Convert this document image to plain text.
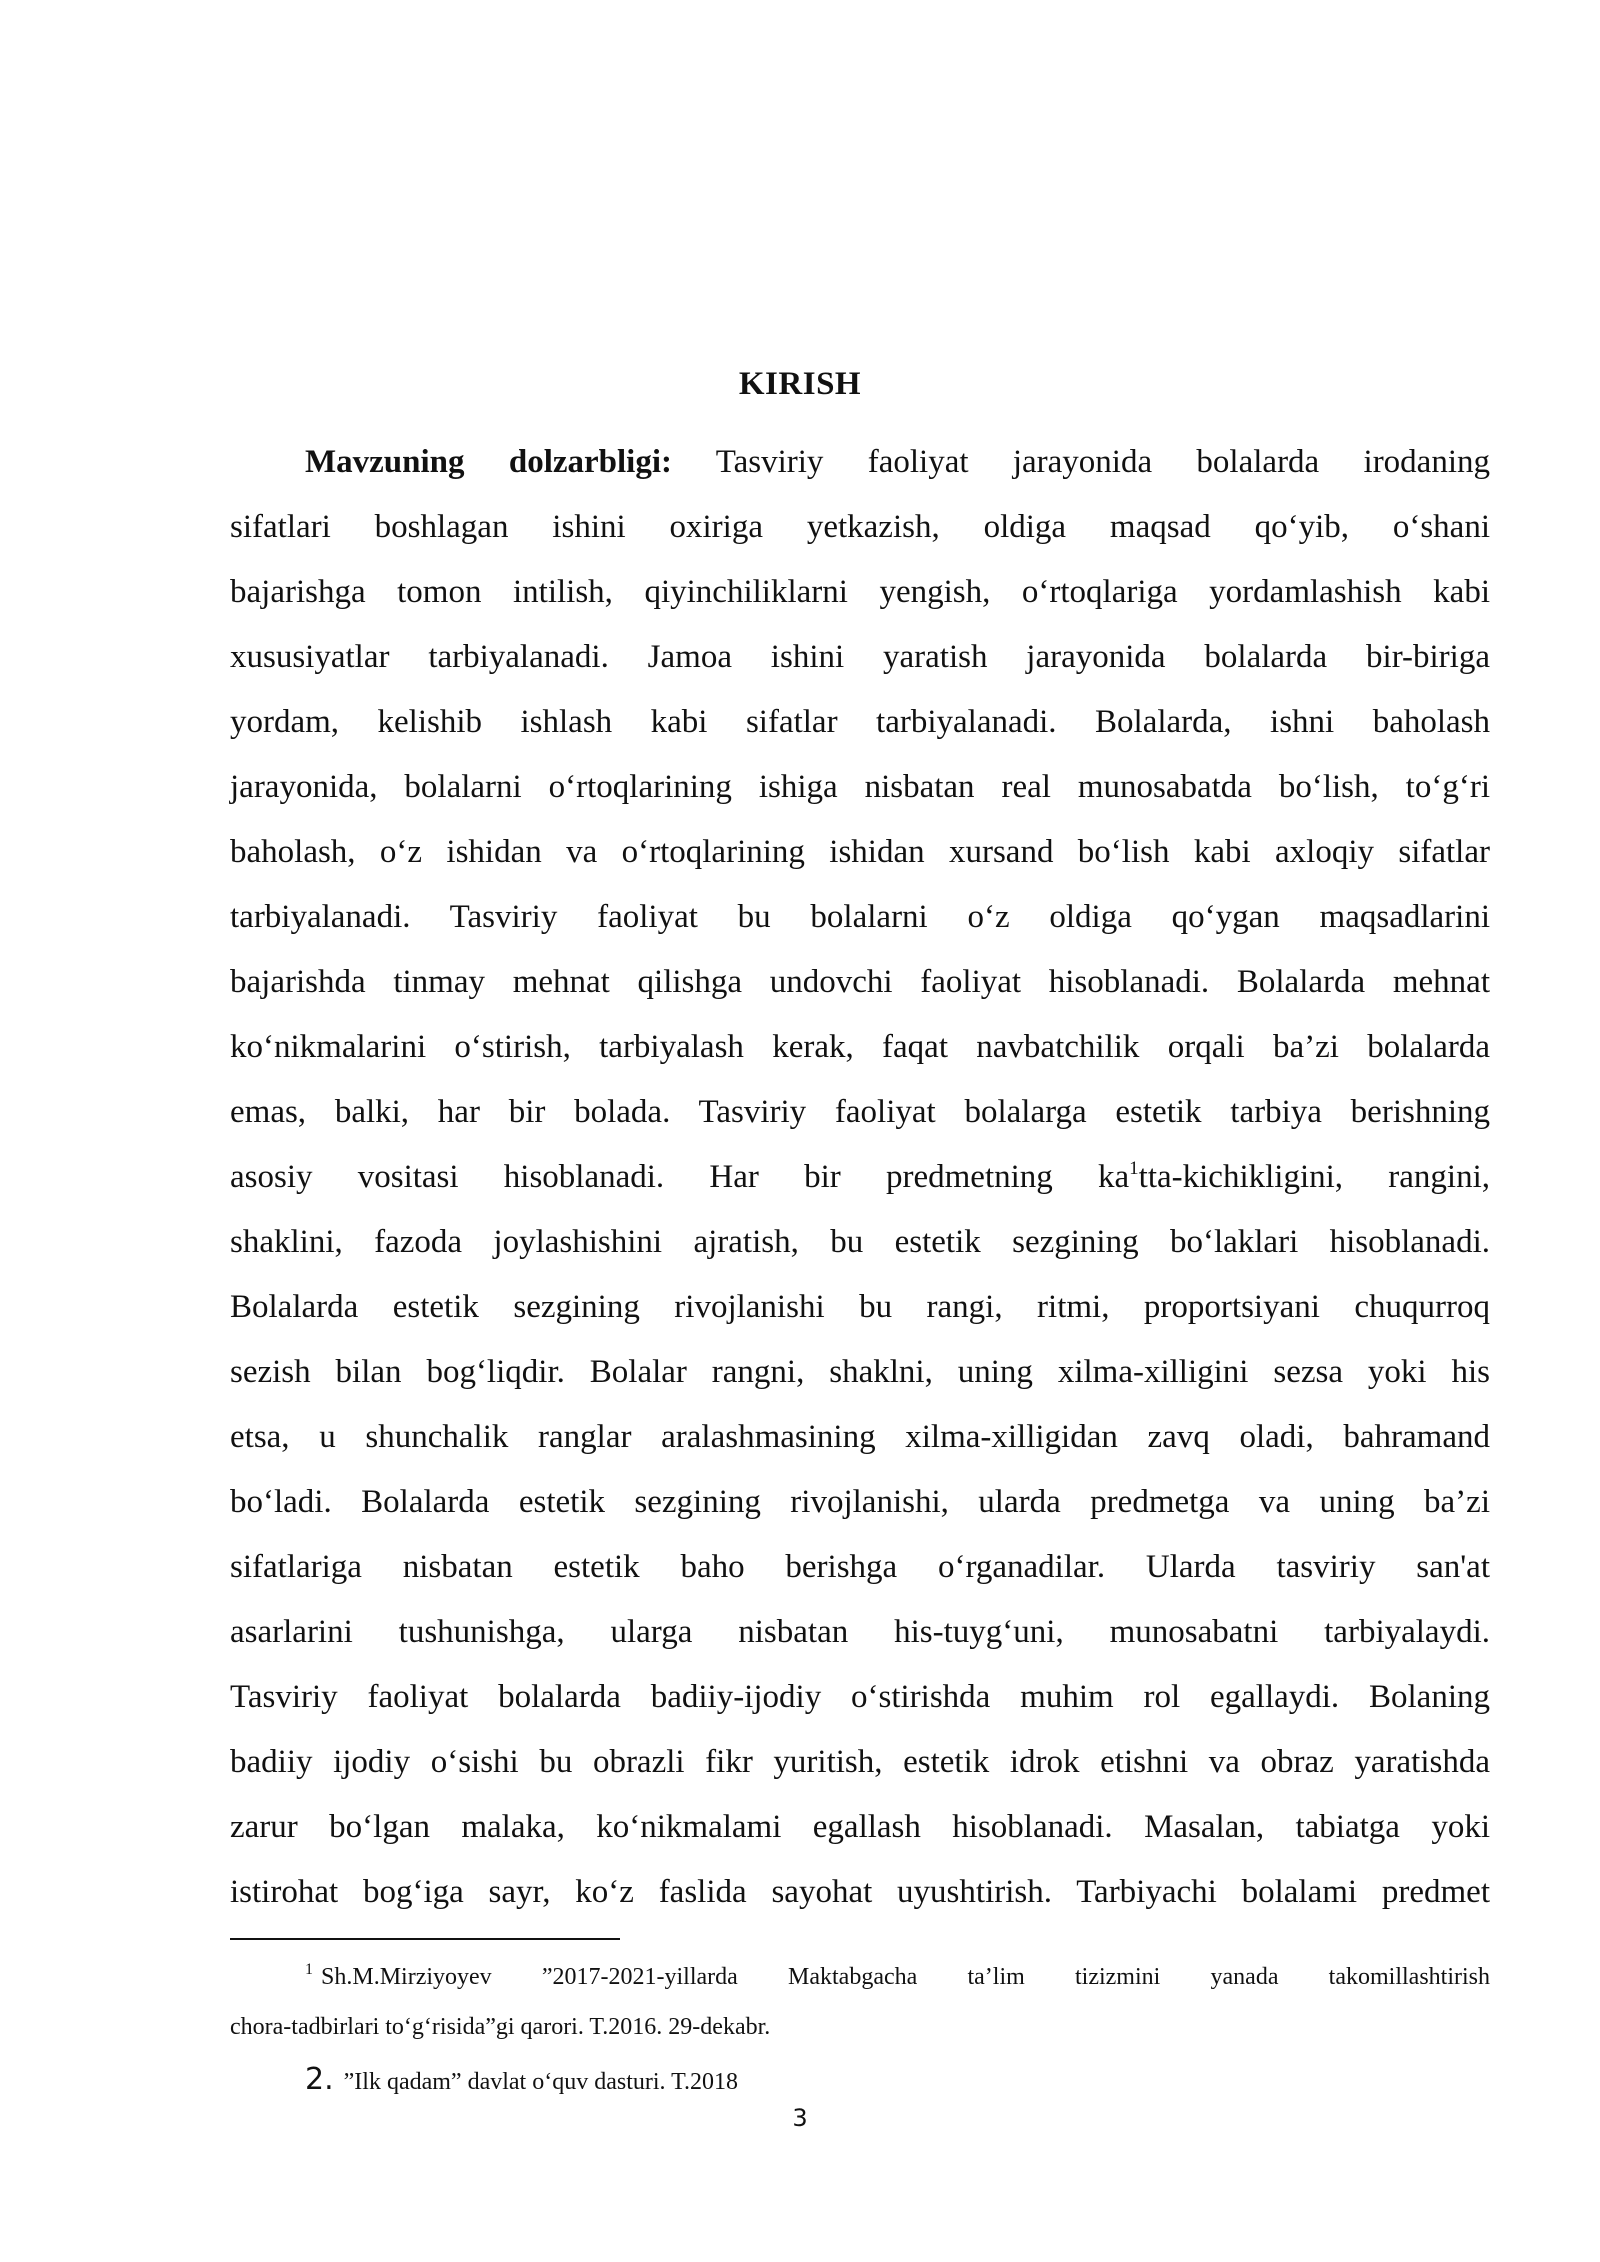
KIRISH
Mavzuning dolzarbligi: Tasviriy faoliyat jarayonida bolalarda irodaning
sifatlari boshlagan ishini oxiriga yetkazish, oldiga maqsad qo‘yib, o‘shani
bajarishga tomon intilish, qiyinchiliklarni yengish, o‘rtoqlariga yordamlashish kabi
xususiyatlar tarbiyalanadi. Jamoa ishini yaratish jarayonida bolalarda bir-biriga
yordam, kelishib ishlash kabi sifatlar tarbiyalanadi. Bolalarda, ishni baholash
jarayonida, bolalarni o‘rtoqlarining ishiga nisbatan real munosabatda bo‘lish, to‘g‘ri
baholash, o‘z ishidan va o‘rtoqlarining ishidan xursand bo‘lish kabi axloqiy sifatlar
tarbiyalanadi. Tasviriy faoliyat bu bolalarni o‘z oldiga qo‘ygan maqsadlarini
bajarishda tinmay mehnat qilishga undovchi faoliyat hisoblanadi. Bolalarda mehnat
ko‘nikmalarini o‘stirish, tarbiyalash kerak, faqat navbatchilik orqali ba’zi bolalarda
emas, balki, har bir bolada. Tasviriy faoliyat bolalarga estetik tarbiya berishning
asosiy vositasi hisoblanadi. Har bir predmetning ka$^1$tta-kichikligini, rangini,
shaklini, fazoda joylashishini ajratish, bu estetik sezgining bo‘laklari hisoblanadi.
Bolalarda estetik sezgining rivojlanishi bu rangi, ritmi, proportsiyani chuqurroq
sezish bilan bog‘liqdir. Bolalar rangni, shaklni, uning xilma-xilligini sezsa yoki his
etsa, u shunchalik ranglar aralashmasining xilma-xilligidan zavq oladi, bahramand
bo‘ladi. Bolalarda estetik sezgining rivojlanishi, ularda predmetga va uning ba’zi
sifatlariga nisbatan estetik baho berishga o‘rganadilar. Ularda tasviriy san'at
asarlarini tushunishga, ularga nisbatan his-tuyg‘uni, munosabatni tarbiyalaydi.
Tasviriy faoliyat bolalarda badiiy-ijodiy o‘stirishda muhim rol egallaydi. Bolaning
badiiy ijodiy o‘sishi bu obrazli fikr yuritish, estetik idrok etishni va obraz yaratishda
zarur bo‘lgan malaka, ko‘nikmalami egallash hisoblanadi. Masalan, tabiatga yoki
istirohat bog‘iga sayr, ko‘z faslida sayohat uyushtirish. Tarbiyachi bolalami predmet
$^1$ Sh.M.Mirziyoyev ”2017-2021-yillarda Maktabgacha ta’lim tizizmini yanada takomillashtirish
chora-tadbirlari to‘g‘risida”gi qarori. T.2016. 29-dekabr.
2. ”Ilk qadam” davlat o‘quv dasturi. T.2018
3
